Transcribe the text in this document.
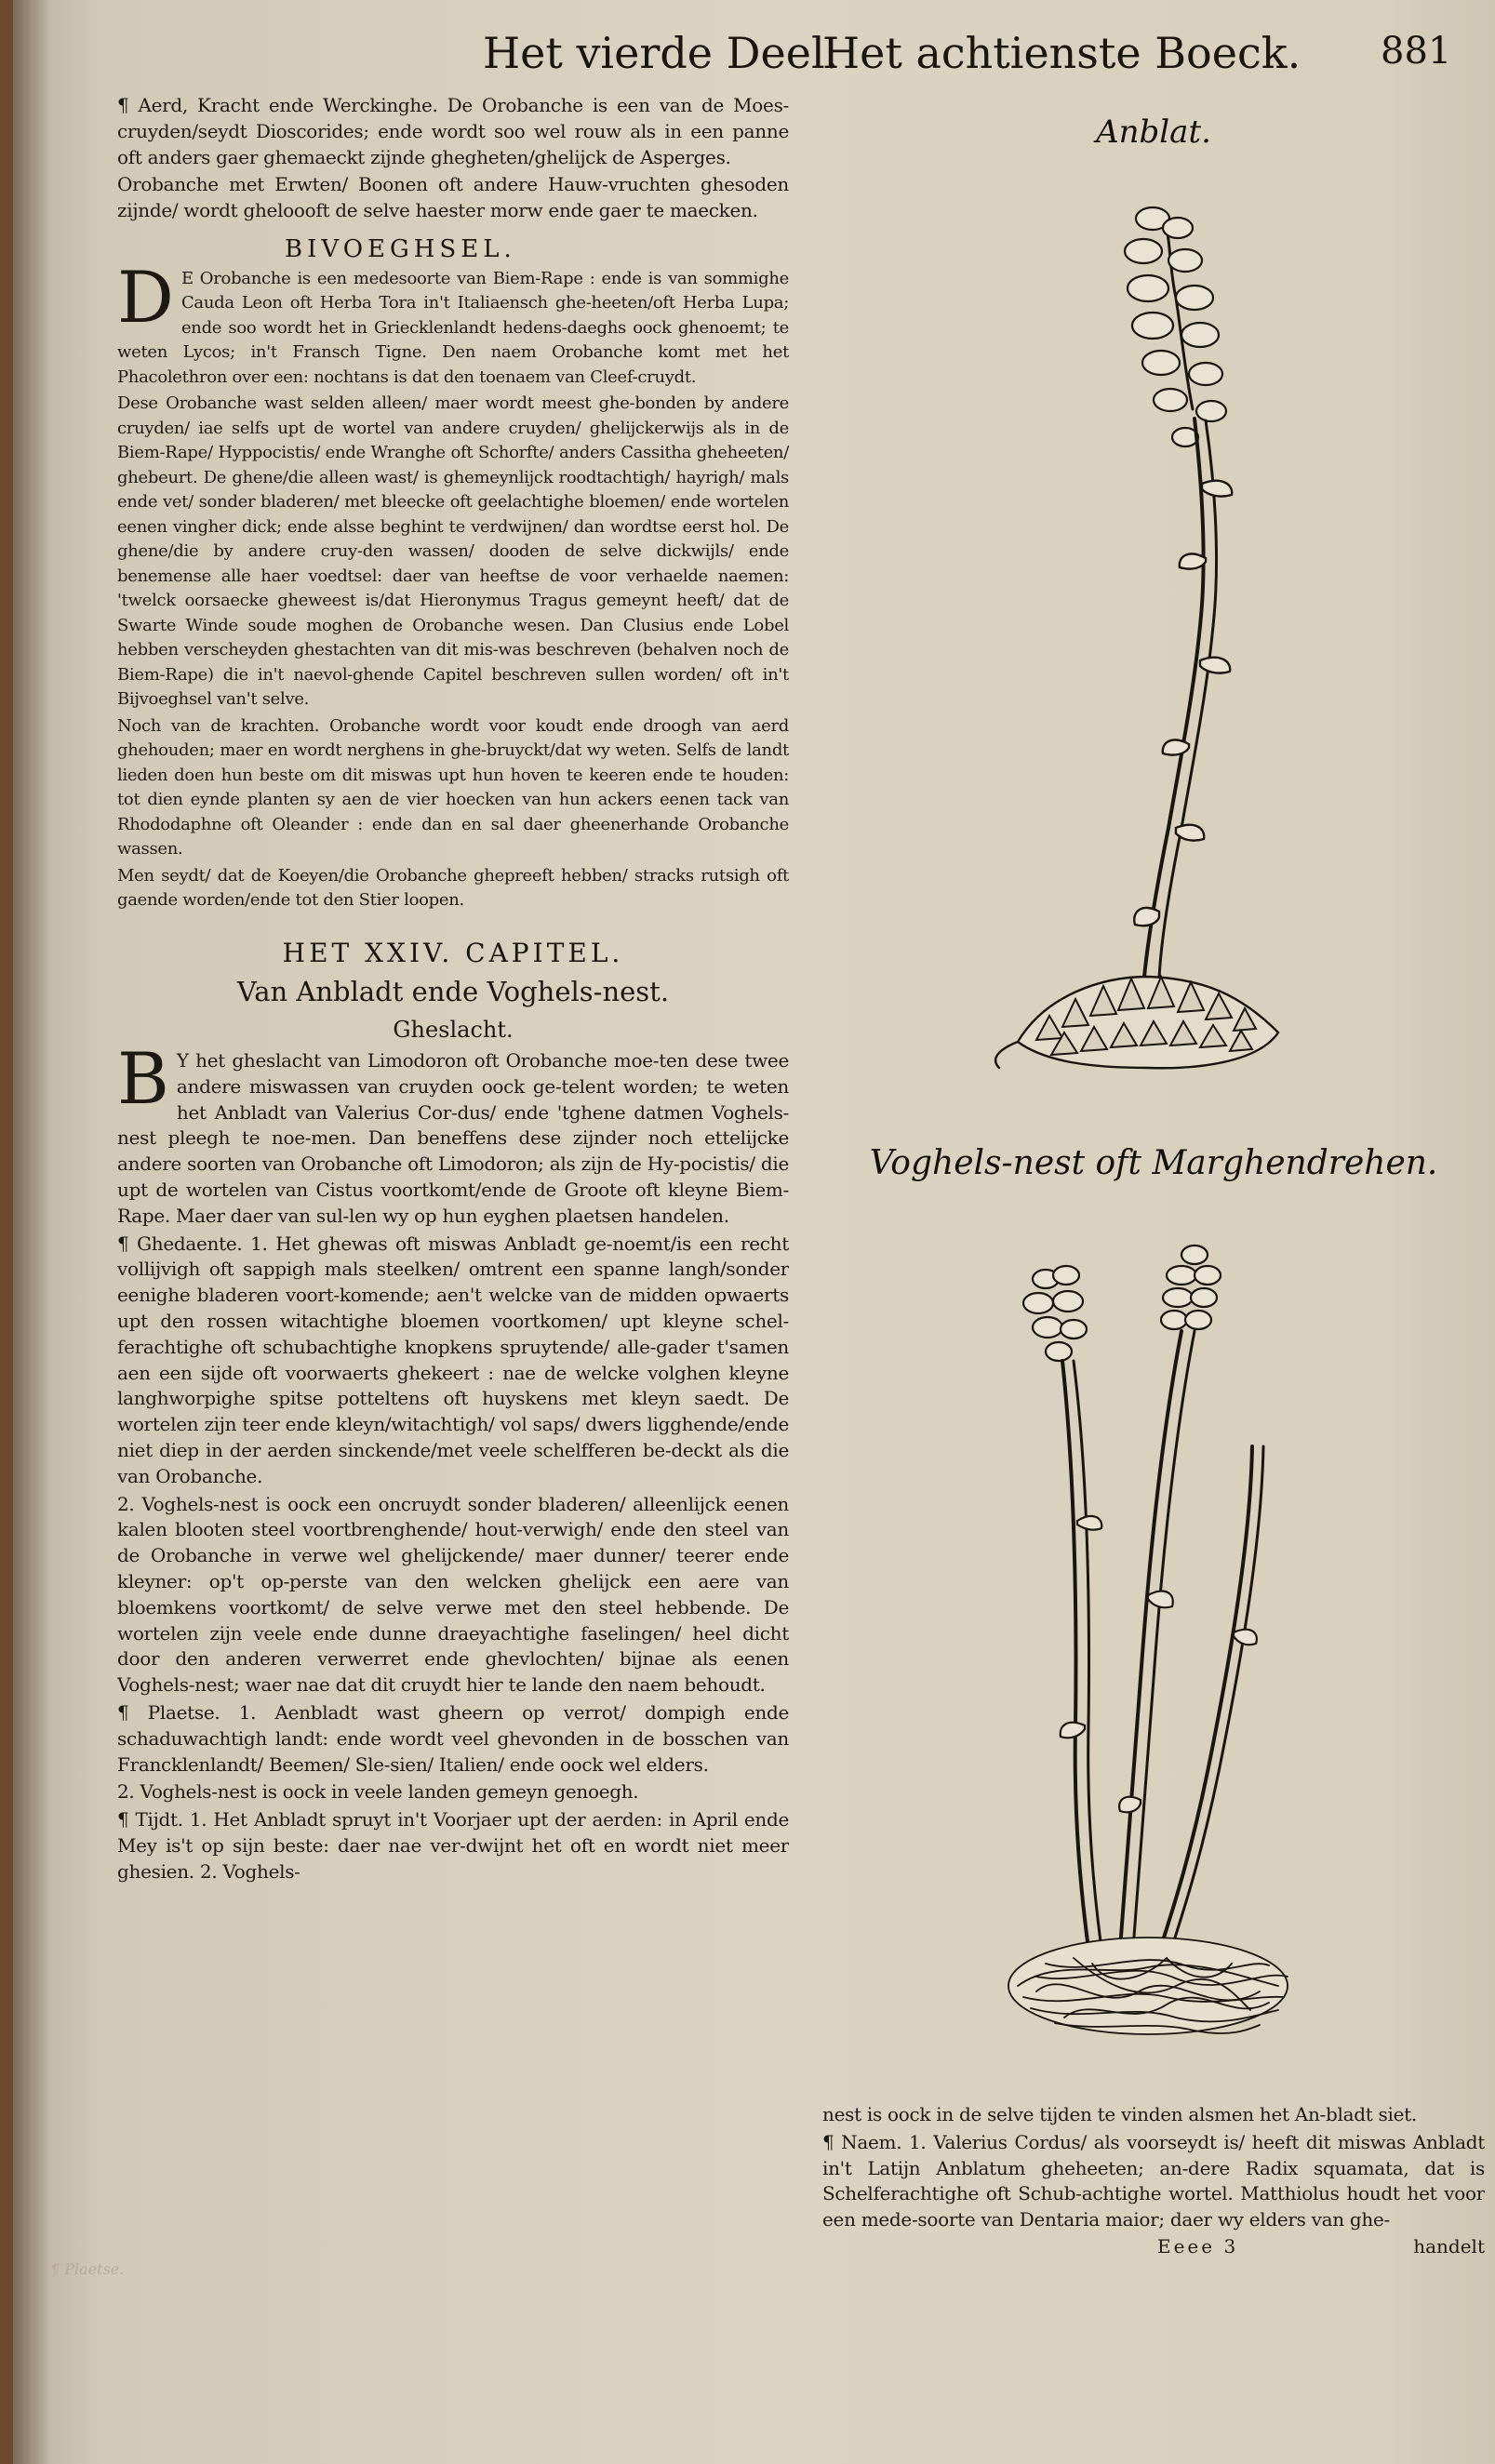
Het vierde Deel.
Het achtienste Boeck. 881

¶ Aerd, Kracht ende Werckinghe. De Orobanche is een van de Moes-cruyden/seydt Dioscorides; ende wordt soo wel rouw als in een panne oft anders gaer ghemaeckt zijnde ghegheten/ghelijck de Asperges.

Orobanche met Erwten/ Boonen oft andere Hauw-vruchten ghesoden zijnde/ wordt gheloooft de selve haester morw ende gaer te maecken.

BIVOEGHSEL.
D E Orobanche is een medesoorte van Biem-Rape : ende is van sommighe Cauda Leon oft Herba Tora in't Italiaensch ghe-heeten/oft Herba Lupa; ende soo wordt het in Griecklenlandt hedens-daeghs oock ghenoemt; te weten Lycos; in't Fransch Tigne. Den naem Orobanche komt met het Phacolethron over een: nochtans is dat den toenaem van Cleef-cruydt.

Dese Orobanche wast selden alleen/ maer wordt meest ghe-bonden by andere cruyden/ iae selfs upt de wortel van andere cruyden/ ghelijckerwijs als in de Biem-Rape/ Hyppocistis/ ende Wranghe oft Schorfte/ anders Cassitha gheheeten/ ghebeurt. De ghene/die alleen wast/ is ghemeynlijck roodtachtigh/ hayrigh/ mals ende vet/ sonder bladeren/ met bleecke oft geelachtighe bloemen/ ende wortelen eenen vingher dick; ende alsse beghint te verdwijnen/ dan wordtse eerst hol. De ghene/die by andere cruy-den wassen/ dooden de selve dickwijls/ ende benemense alle haer voedtsel: daer van heeftse de voor verhaelde naemen: 'twelck oorsaecke gheweest is/dat Hieronymus Tragus gemeynt heeft/ dat de Swarte Winde soude moghen de Orobanche wesen. Dan Clusius ende Lobel hebben verscheyden ghestachten van dit mis-was beschreven (behalven noch de Biem-Rape) die in't naevol-ghende Capitel beschreven sullen worden/ oft in't Bijvoeghsel van't selve.

Noch van de krachten. Orobanche wordt voor koudt ende droogh van aerd ghehouden; maer en wordt nerghens in ghe-bruyckt/dat wy weten. Selfs de landt lieden doen hun beste om dit miswas upt hun hoven te keeren ende te houden: tot dien eynde planten sy aen de vier hoecken van hun ackers eenen tack van Rhododaphne oft Oleander : ende dan en sal daer gheenerhande Orobanche wassen.

Men seydt/ dat de Koeyen/die Orobanche ghepreeft hebben/ stracks rutsigh oft gaende worden/ende tot den Stier loopen.

HET XXIV. CAPITEL.
Van Anbladt ende Voghels-nest.
Gheslacht.
B Y het gheslacht van Limodoron oft Orobanche moe-ten dese twee andere miswassen van cruyden oock ge-telent worden; te weten het Anbladt van Valerius Cor-dus/ ende 'tghene datmen Voghels-nest pleegh te noe-men. Dan beneffens dese zijnder noch ettelijcke andere soorten van Orobanche oft Limodoron; als zijn de Hy-pocistis/ die upt de wortelen van Cistus voortkomt/ende de Groote oft kleyne Biem-Rape. Maer daer van sul-len wy op hun eyghen plaetsen handelen.

¶ Ghedaente. 1. Het ghewas oft miswas Anbladt ge-noemt/is een recht vollijvigh oft sappigh mals steelken/ omtrent een spanne langh/sonder eenighe bladeren voort-komende; aen't welcke van de midden opwaerts upt den rossen witachtighe bloemen voortkomen/ upt kleyne schel-ferachtighe oft schubachtighe knopkens spruytende/ alle-gader t'samen aen een sijde oft voorwaerts ghekeert : nae de welcke volghen kleyne langhworpighe spitse potteltens oft huyskens met kleyn saedt. De wortelen zijn teer ende kleyn/witachtigh/ vol saps/ dwers ligghende/ende niet diep in der aerden sinckende/met veele schelfferen be-deckt als die van Orobanche.

2. Voghels-nest is oock een oncruydt sonder bladeren/ alleenlijck eenen kalen blooten steel voortbrenghende/ hout-verwigh/ ende den steel van de Orobanche in verwe wel ghelijckende/ maer dunner/ teerer ende kleyner: op't op-perste van den welcken ghelijck een aere van bloemkens voortkomt/ de selve verwe met den steel hebbende. De wortelen zijn veele ende dunne draeyachtighe faselingen/ heel dicht door den anderen verwerret ende ghevlochten/ bijnae als eenen Voghels-nest; waer nae dat dit cruydt hier te lande den naem behoudt.

¶ Plaetse. 1. Aenbladt wast gheern op verrot/ dompigh ende schaduwachtigh landt: ende wordt veel ghevonden in de bosschen van Francklenlandt/ Beemen/ Sle-sien/ Italien/ ende oock wel elders.

2. Voghels-nest is oock in veele landen gemeyn genoegh.

¶ Tijdt. 1. Het Anbladt spruyt in't Voorjaer upt der aerden: in April ende Mey is't op sijn beste: daer nae ver-dwijnt het oft en wordt niet meer ghesien. 2. Voghels-

¶ Plaetse.
Anblat.
Voghels-nest oft Marghendrehen.

nest is oock in de selve tijden te vinden alsmen het An-bladt siet.

¶ Naem. 1. Valerius Cordus/ als voorseydt is/ heeft dit miswas Anbladt in't Latijn Anblatum gheheeten; an-dere Radix squamata, dat is Schelferachtighe oft Schub-achtighe wortel. Matthiolus houdt het voor een mede-soorte van Dentaria maior; daer wy elders van ghe-

Eeee 3	handelt
